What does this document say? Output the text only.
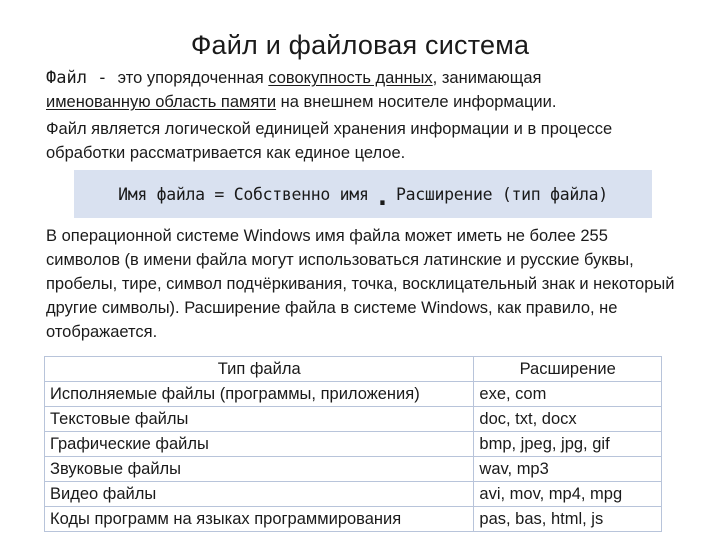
Файл и файловая система

Файл - это упорядоченная совокупность данных, занимающая
именованную область памяти на внешнем носителе информации.

Файл является логической единицей хранения информации и в процессе обработки рассматривается как единое целое.

Имя файла = Собственно имя . Расширение (тип файла)

В операционной системе Windows имя файла может иметь не более 255 символов (в имени файла могут использоваться латинские и русские буквы, пробелы, тире, символ подчёркивания, точка, восклицательный знак и некоторый другие символы). Расширение файла в системе Windows, как правило, не отображается.

Тип файла	Расширение
Исполняемые файлы (программы, приложения)	exe, com
Текстовые файлы	doc, txt, docx
Графические файлы	bmp, jpeg, jpg, gif
Звуковые файлы	wav, mp3
Видео файлы	avi, mov, mp4, mpg
Коды программ на языках программирования	pas, bas, html, js
